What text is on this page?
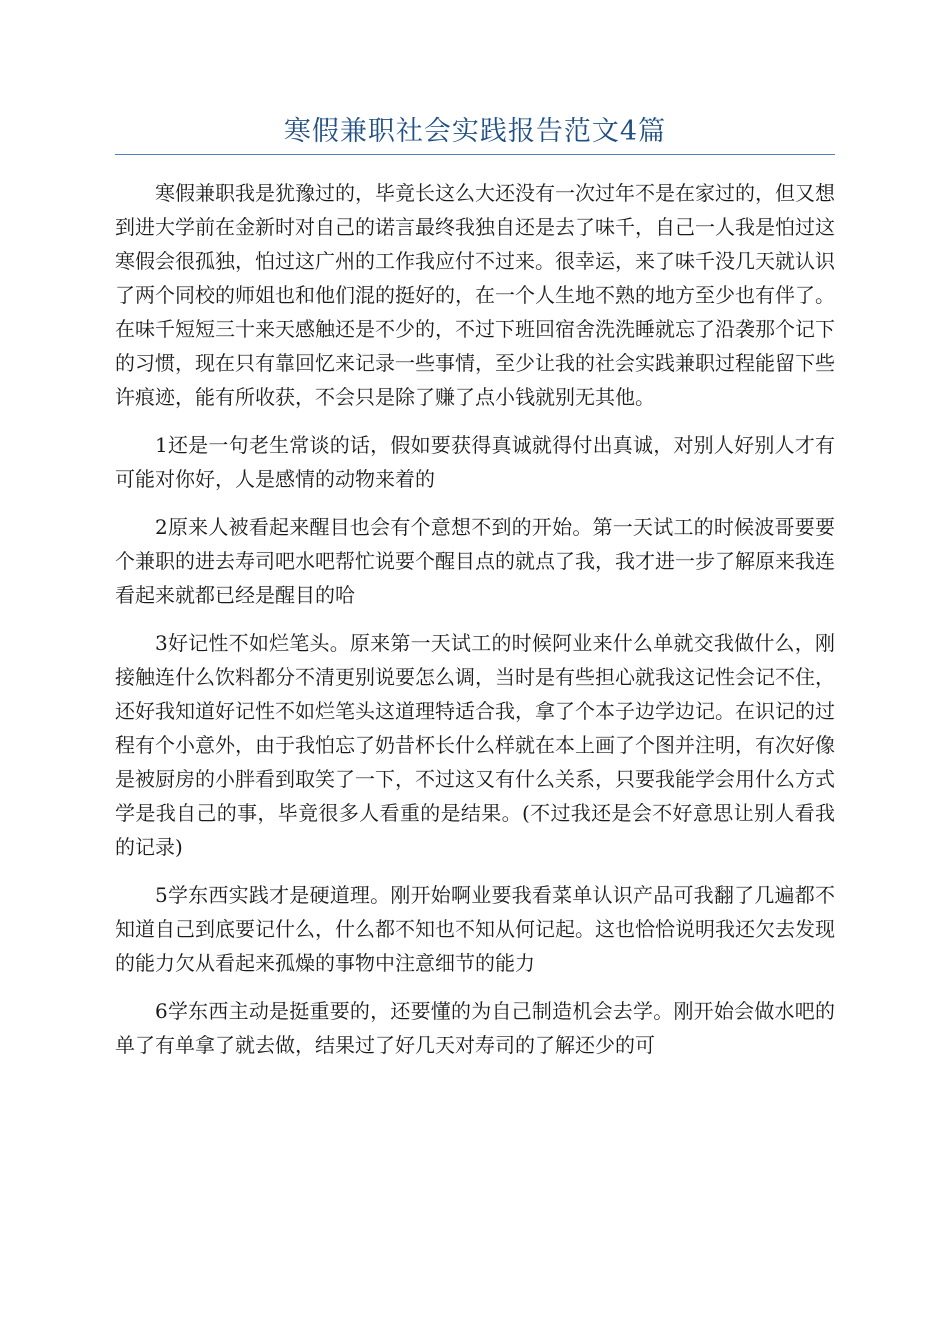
寒假兼职社会实践报告范文4篇

寒假兼职我是犹豫过的，毕竟长这么大还没有一次过年不是在家过的，但又想到进大学前在金新时对自己的诺言最终我独自还是去了味千，自己一人我是怕过这寒假会很孤独，怕过这广州的工作我应付不过来。很幸运，来了味千没几天就认识了两个同校的师姐也和他们混的挺好的，在一个人生地不熟的地方至少也有伴了。在味千短短三十来天感触还是不少的，不过下班回宿舍洗洗睡就忘了沿袭那个记下的习惯，现在只有靠回忆来记录一些事情，至少让我的社会实践兼职过程能留下些许痕迹，能有所收获，不会只是除了赚了点小钱就别无其他。

1还是一句老生常谈的话，假如要获得真诚就得付出真诚，对别人好别人才有可能对你好，人是感情的动物来着的

2原来人被看起来醒目也会有个意想不到的开始。第一天试工的时候波哥要要个兼职的进去寿司吧水吧帮忙说要个醒目点的就点了我，我才进一步了解原来我连看起来就都已经是醒目的哈

3好记性不如烂笔头。原来第一天试工的时候阿业来什么单就交我做什么，刚接触连什么饮料都分不清更别说要怎么调，当时是有些担心就我这记性会记不住，还好我知道好记性不如烂笔头这道理特适合我，拿了个本子边学边记。在识记的过程有个小意外，由于我怕忘了奶昔杯长什么样就在本上画了个图并注明，有次好像是被厨房的小胖看到取笑了一下，不过这又有什么关系，只要我能学会用什么方式学是我自己的事，毕竟很多人看重的是结果。(不过我还是会不好意思让别人看我的记录)

5学东西实践才是硬道理。刚开始啊业要我看菜单认识产品可我翻了几遍都不知道自己到底要记什么，什么都不知也不知从何记起。这也恰恰说明我还欠去发现的能力欠从看起来孤燥的事物中注意细节的能力

6学东西主动是挺重要的，还要懂的为自己制造机会去学。刚开始会做水吧的单了有单拿了就去做，结果过了好几天对寿司的了解还少的可
